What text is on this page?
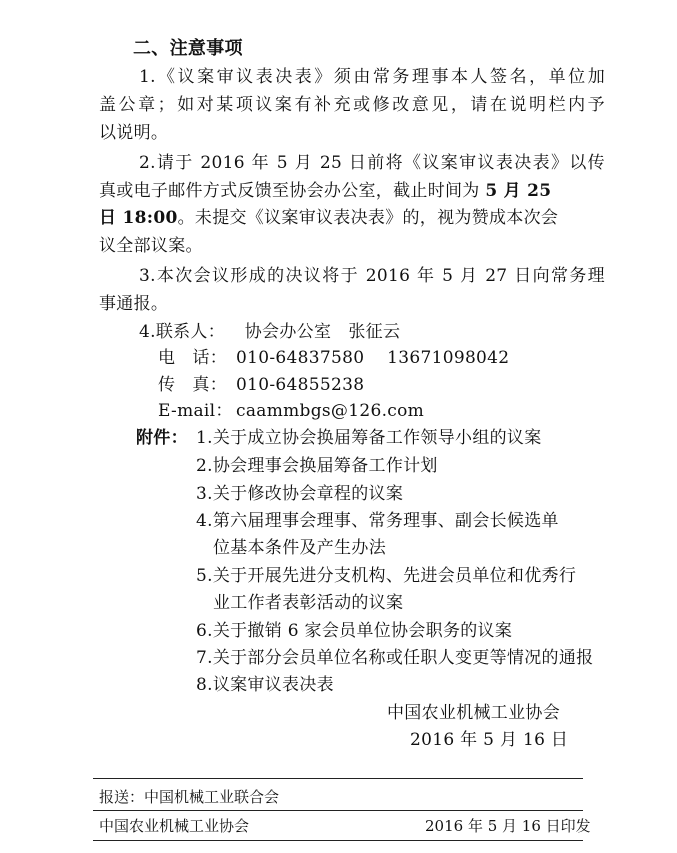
二、注意事项
1.《议案审议表决表》须由常务理事本人签名，单位加
盖公章；如对某项议案有补充或修改意见，请在说明栏内予
以说明。
2.请于 2016 年 5 月 25 日前将《议案审议表决表》以传
真或电子邮件方式反馈至协会办公室，截止时间为 5 月 25
日 18:00。未提交《议案审议表决表》的，视为赞成本次会
议全部议案。
3.本次会议形成的决议将于 2016 年 5 月 27 日向常务理
事通报。
4.联系人： 协会办公室   张征云
电   话： 010-64837580    13671098042
传   真： 010-64855238
E-mail： caammbgs@126.com
附件： 1.关于成立协会换届筹备工作领导小组的议案
2.协会理事会换届筹备工作计划
3.关于修改协会章程的议案
4.第六届理事会理事、常务理事、副会长候选单
位基本条件及产生办法
5.关于开展先进分支机构、先进会员单位和优秀行
业工作者表彰活动的议案
6.关于撤销 6 家会员单位协会职务的议案
7.关于部分会员单位名称或任职人变更等情况的通报
8.议案审议表决表
中国农业机械工业协会
2016 年 5 月 16 日
报送：中国机械工业联合会
中国农业机械工业协会	2016 年 5 月 16 日印发
